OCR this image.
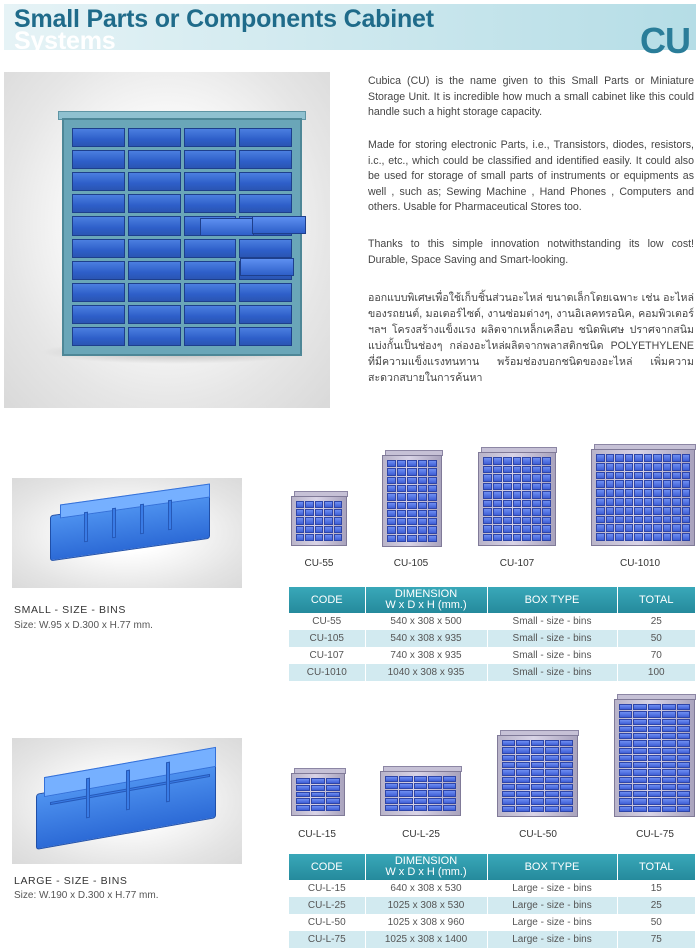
Small Parts or Components Cabinet
Systems	CU

Cubica (CU) is the name given to this Small Parts or Miniature Storage Unit. It is incredible how much a small cabinet like this could handle such a hight storage capacity.

Made for storing electronic Parts, i.e., Transistors, diodes, resistors, i.c., etc., which could be classified and identified easily. It could also be used for storage of small parts of instruments or equipments as well , such as; Sewing Machine , Hand Phones , Computers and others. Usable for Pharmaceutical Stores too.

Thanks to this simple innovation notwithstanding its low cost! Durable, Space Saving and Smart-looking.

ออกแบบพิเศษเพื่อใช้เก็บชิ้นส่วนอะไหล่ ขนาดเล็กโดยเฉพาะ เช่น อะไหล่ของรถยนต์, มอเตอร์ไซด์, งานซ่อมต่างๆ, งานอิเลคทรอนิค, คอมพิวเตอร์ ฯลฯ โครงสร้างแข็งแรง ผลิตจากเหล็กเคลือบ ชนิดพิเศษ ปราศจากสนิม แบ่งกั้นเป็นช่องๆ กล่องอะไหล่ผลิตจากพลาสติกชนิด POLYETHYLENE ที่มีความแข็งแรงทนทาน พร้อมช่องบอกชนิดของอะไหล่ เพิ่มความสะดวกสบายในการค้นหา

SMALL - SIZE - BINS
Size: W.95 x D.300 x H.77 mm.
CU-55	CU-105	CU-107	CU-1010
CODE	DIMENSION
W x D x H (mm.)	BOX TYPE	TOTAL
CU-55	540 x 308 x 500	Small - size - bins	25
CU-105	540 x 308 x 935	Small - size - bins	50
CU-107	740 x 308 x 935	Small - size - bins	70
CU-1010	1040 x 308 x 935	Small - size - bins	100
LARGE - SIZE - BINS
Size: W.190 x D.300 x H.77 mm.
CU-L-15	CU-L-25	CU-L-50	CU-L-75
CODE	DIMENSION
W x D x H (mm.)	BOX TYPE	TOTAL
CU-L-15	640 x 308 x 530	Large - size - bins	15
CU-L-25	1025 x 308 x 530	Large - size - bins	25
CU-L-50	1025 x 308 x 960	Large - size - bins	50
CU-L-75	1025 x 308 x 1400	Large - size - bins	75
